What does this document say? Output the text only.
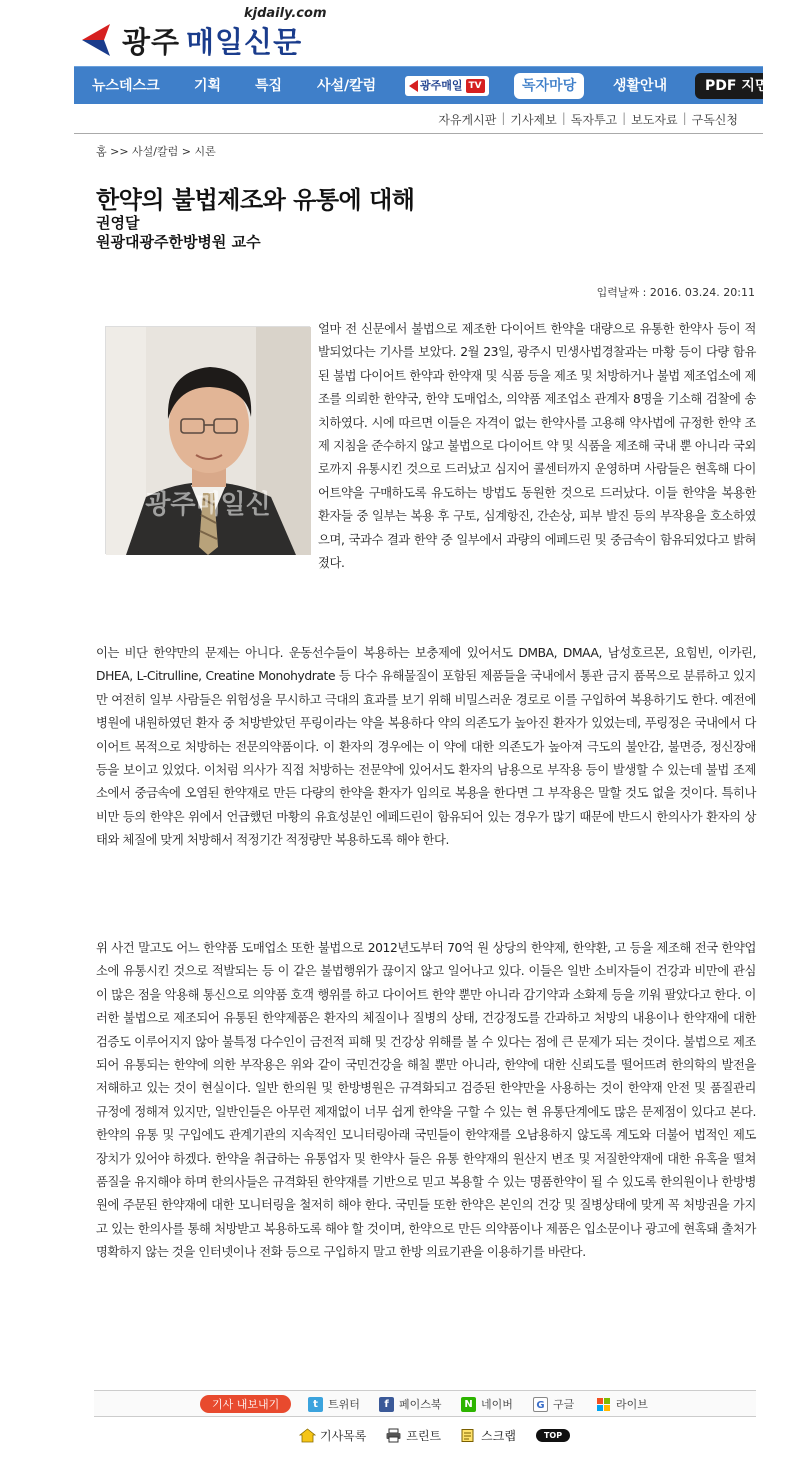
kjdaily.com
광주 매일신문
뉴스데스크 기획 특집 사설/칼럼	광주매일 TV	독자마당	생활안내	PDF 지면보기
자유게시판 | 기사제보 | 독자투고 | 보도자료 | 구독신청
홈 >> 사설/칼럼 > 시론
한약의 불법제조와 유통에 대해
권영달
원광대광주한방병원 교수
입력날짜 : 2016. 03.24. 20:11
광주매일신
얼마 전 신문에서 불법으로 제조한 다이어트 한약을 대량으로 유통한 한약사 등이 적발되었다는 기사를 보았다. 2월 23일, 광주시 민생사법경찰과는 마황 등이 다량 함유된 불법 다이어트 한약과 한약재 및 식품 등을 제조 및 처방하거나 불법 제조업소에 제조를 의뢰한 한약국, 한약 도매업소, 의약품 제조업소 관계자 8명을 기소해 검찰에 송치하였다. 시에 따르면 이들은 자격이 없는 한약사를 고용해 약사법에 규정한 한약 조제 지침을 준수하지 않고 불법으로 다이어트 약 및 식품을 제조해 국내 뿐 아니라 국외로까지 유통시킨 것으로 드러났고 심지어 콜센터까지 운영하며 사람들은 현혹해 다이어트약을 구매하도록 유도하는 방법도 동원한 것으로 드러났다. 이들 한약을 복용한 환자들 중 일부는 복용 후 구토, 심계항진, 간손상, 피부 발진 등의 부작용을 호소하였으며, 국과수 결과 한약 중 일부에서 과량의 에페드린 및 중금속이 함유되었다고 밝혀졌다.
이는 비단 한약만의 문제는 아니다. 운동선수들이 복용하는 보충제에 있어서도 DMBA, DMAA, 남성호르몬, 요힘빈, 이카린, DHEA, L-Citrulline, Creatine Monohydrate 등 다수 유해물질이 포함된 제품들을 국내에서 통관 금지 품목으로 분류하고 있지만 여전히 일부 사람들은 위험성을 무시하고 극대의 효과를 보기 위해 비밀스러운 경로로 이를 구입하여 복용하기도 한다. 예전에 병원에 내원하였던 환자 중 처방받았던 푸링이라는 약을 복용하다 약의 의존도가 높아진 환자가 있었는데, 푸링정은 국내에서 다이어트 목적으로 처방하는 전문의약품이다. 이 환자의 경우에는 이 약에 대한 의존도가 높아져 극도의 불안감, 불면증, 정신장애 등을 보이고 있었다. 이처럼 의사가 직접 처방하는 전문약에 있어서도 환자의 남용으로 부작용 등이 발생할 수 있는데 불법 조제소에서 중금속에 오염된 한약재로 만든 다량의 한약을 환자가 임의로 복용을 한다면 그 부작용은 말할 것도 없을 것이다. 특히나 비만 등의 한약은 위에서 언급했던 마황의 유효성분인 에페드린이 함유되어 있는 경우가 많기 때문에 반드시 한의사가 환자의 상태와 체질에 맞게 처방해서 적정기간 적정량만 복용하도록 해야 한다.
위 사건 말고도 어느 한약품 도매업소 또한 불법으로 2012년도부터 70억 원 상당의 한약제, 한약환, 고 등을 제조해 전국 한약업소에 유통시킨 것으로 적발되는 등 이 같은 불법행위가 끊이지 않고 일어나고 있다. 이들은 일반 소비자들이 건강과 비만에 관심이 많은 점을 악용해 통신으로 의약품 호객 행위를 하고 다이어트 한약 뿐만 아니라 감기약과 소화제 등을 끼워 팔았다고 한다. 이러한 불법으로 제조되어 유통된 한약제품은 환자의 체질이나 질병의 상태, 건강정도를 간과하고 처방의 내용이나 한약재에 대한 검증도 이루어지지 않아 불특정 다수인이 금전적 피해 및 건강상 위해를 볼 수 있다는 점에 큰 문제가 되는 것이다. 불법으로 제조되어 유통되는 한약에 의한 부작용은 위와 같이 국민건강을 해칠 뿐만 아니라, 한약에 대한 신뢰도를 떨어뜨려 한의학의 발전을 저해하고 있는 것이 현실이다. 일반 한의원 및 한방병원은 규격화되고 검증된 한약만을 사용하는 것이 한약재 안전 및 품질관리 규정에 정해져 있지만, 일반인들은 아무런 제재없이 너무 쉽게 한약을 구할 수 있는 현 유통단계에도 많은 문제점이 있다고 본다. 한약의 유통 및 구입에도 관계기관의 지속적인 모니터링아래 국민들이 한약재를 오남용하지 않도록 계도와 더불어 법적인 제도 장치가 있어야 하겠다. 한약을 취급하는 유통업자 및 한약사 들은 유통 한약재의 원산지 변조 및 저질한약재에 대한 유혹을 떨쳐 품질을 유지해야 하며 한의사들은 규격화된 한약재를 기반으로 믿고 복용할 수 있는 명품한약이 될 수 있도록 한의원이나 한방병원에 주문된 한약재에 대한 모니터링을 철저히 해야 한다. 국민들 또한 한약은 본인의 건강 및 질병상태에 맞게 꼭 처방권을 가지고 있는 한의사를 통해 처방받고 복용하도록 해야 할 것이며, 한약으로 만든 의약품이나 제품은 입소문이나 광고에 현혹돼 출처가 명확하지 않는 것을 인터넷이나 전화 등으로 구입하지 말고 한방 의료기관을 이용하기를 바란다.
기사 내보내기	t 트위터	f 페이스북	N 네이버	G 구글	라이브
기사목록	프린트	스크랩	TOP
